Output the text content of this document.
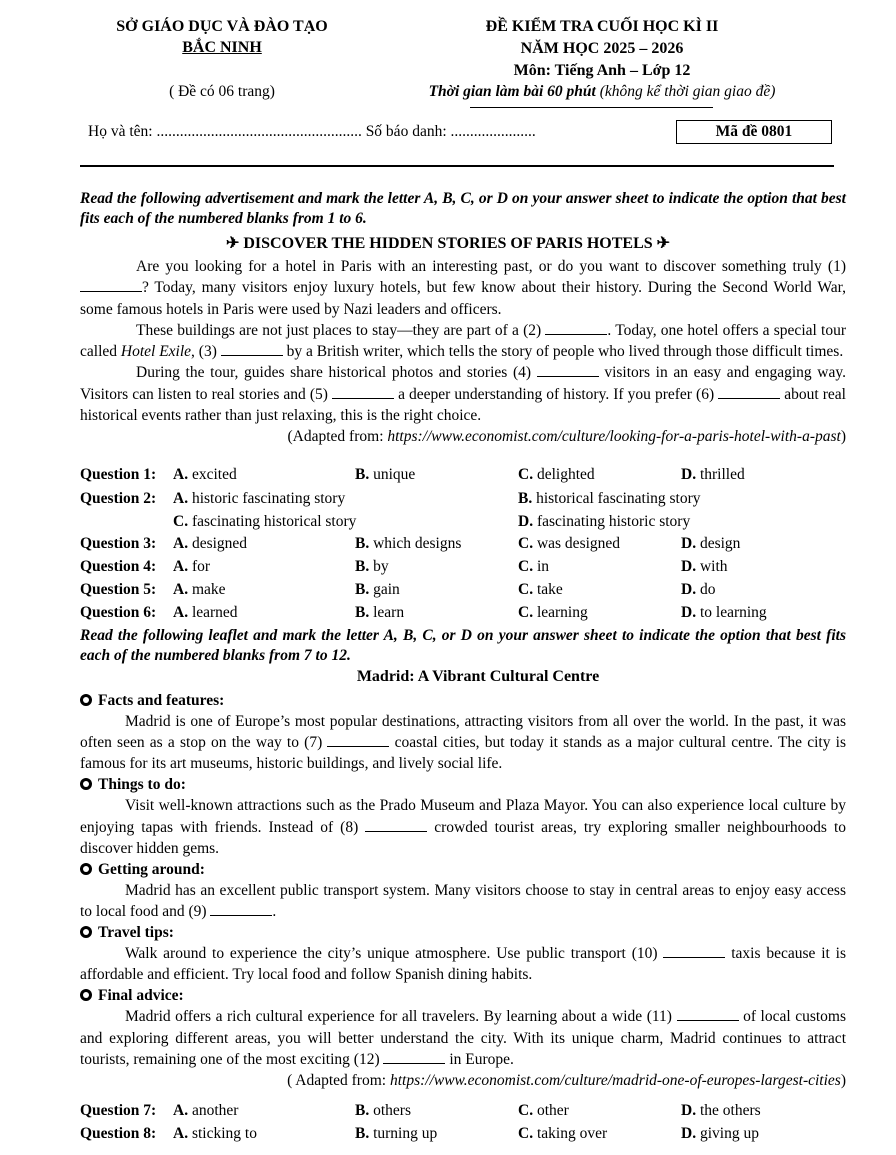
SỞ GIÁO DỤC VÀ ĐÀO TẠO
BẮC NINH
( Đề có 06 trang)
ĐỀ KIỂM TRA CUỐI HỌC KÌ II
NĂM HỌC 2025 – 2026
Môn: Tiếng Anh – Lớp 12
Thời gian làm bài 60 phút (không kể thời gian giao đề)
Họ và tên: ..................................................... Số báo danh: ......................	Mã đề 0801
Read the following advertisement and mark the letter A, B, C, or D on your answer sheet to indicate the option that best fits each of the numbered blanks from 1 to 6.
✈ DISCOVER THE HIDDEN STORIES OF PARIS HOTELS ✈

Are you looking for a hotel in Paris with an interesting past, or do you want to discover something truly (1) ? Today, many visitors enjoy luxury hotels, but few know about their history. During the Second World War, some famous hotels in Paris were used by Nazi leaders and officers.

These buildings are not just places to stay—they are part of a (2)	. Today, one hotel offers a special tour called Hotel Exile, (3)	by a British writer, which tells the story of people who lived through those difficult times.

During the tour, guides share historical photos and stories (4)	visitors in an easy and engaging way. Visitors can listen to real stories and (5)	a deeper understanding of history. If you prefer (6)	about real historical events rather than just relaxing, this is the right choice.

(Adapted from: https://www.economist.com/culture/looking-for-a-paris-hotel-with-a-past)

Question 1: A. excited	B. unique	C. delighted	D. thrilled
Question 2: A. historic fascinating story	B. historical fascinating story
C. fascinating historical story	D. fascinating historic story
Question 3: A. designed	B. which designs	C. was designed	D. design
Question 4: A. for	B. by	C. in	D. with
Question 5: A. make	B. gain	C. take	D. do
Question 6: A. learned	B. learn	C. learning	D. to learning
Read the following leaflet and mark the letter A, B, C, or D on your answer sheet to indicate the option that best fits each of the numbered blanks from 7 to 12.
Madrid: A Vibrant Cultural Centre

Facts and features:

Madrid is one of Europe’s most popular destinations, attracting visitors from all over the world. In the past, it was often seen as a stop on the way to (7)	coastal cities, but today it stands as a major cultural centre. The city is famous for its art museums, historic buildings, and lively social life.

Things to do:

Visit well-known attractions such as the Prado Museum and Plaza Mayor. You can also experience local culture by enjoying tapas with friends. Instead of (8)	crowded tourist areas, try exploring smaller neighbourhoods to discover hidden gems.

Getting around:

Madrid has an excellent public transport system. Many visitors choose to stay in central areas to enjoy easy access to local food and (9)	.

Travel tips:

Walk around to experience the city’s unique atmosphere. Use public transport (10)	taxis because it is affordable and efficient. Try local food and follow Spanish dining habits.

Final advice:

Madrid offers a rich cultural experience for all travelers. By learning about a wide (11)	of local customs and exploring different areas, you will better understand the city. With its unique charm, Madrid continues to attract tourists, remaining one of the most exciting (12)	in Europe.

( Adapted from: https://www.economist.com/culture/madrid-one-of-europes-largest-cities)

Question 7: A. another	B. others	C. other	D. the others
Question 8: A. sticking to	B. turning up	C. taking over	D. giving up
